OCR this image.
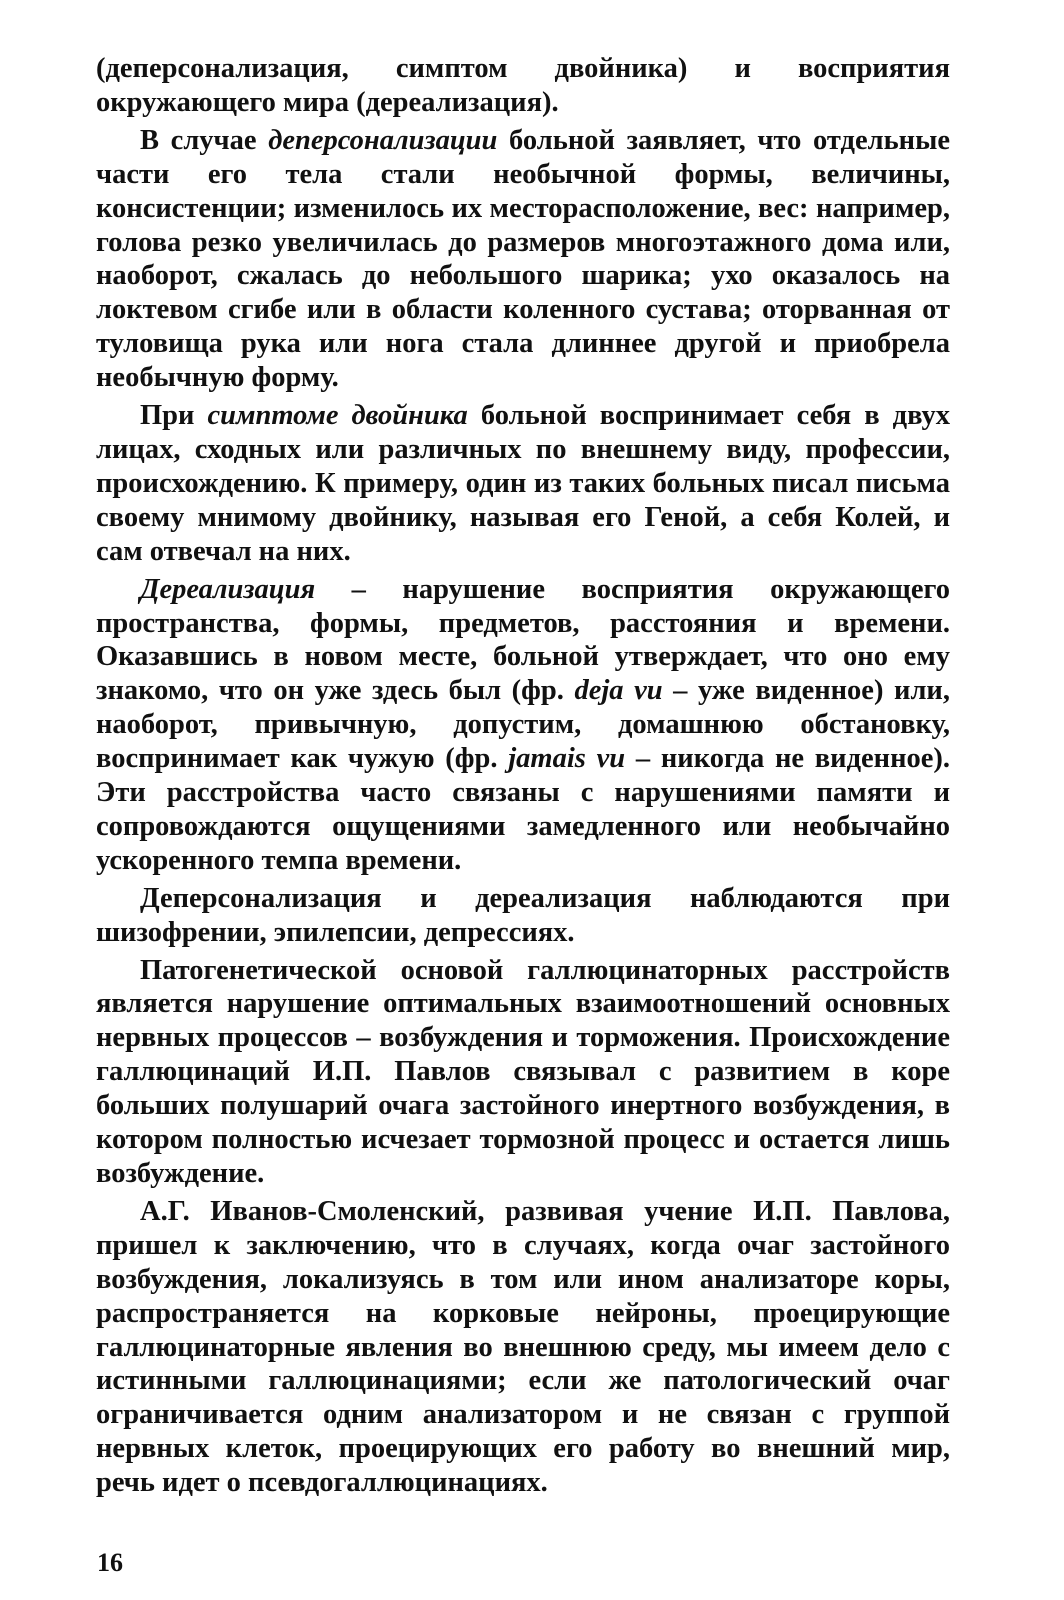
(деперсонализация, симптом двойника) и восприятия окружающего мира (дереализация).

В случае деперсонализации больной заявляет, что отдельные части его тела стали необычной формы, величины, консистенции; изменилось их месторасположение, вес: например, голова резко увеличилась до размеров многоэтажного дома или, наоборот, сжалась до небольшого шарика; ухо оказалось на локтевом сгибе или в области коленного сустава; оторванная от туловища рука или нога стала длиннее другой и приобрела необычную форму.

При симптоме двойника больной воспринимает себя в двух лицах, сходных или различных по внешнему виду, профессии, происхождению. К примеру, один из таких больных писал письма своему мнимому двойнику, называя его Геной, а себя Колей, и сам отвечал на них.

Дереализация – нарушение восприятия окружающего пространства, формы, предметов, расстояния и времени. Оказавшись в новом месте, больной утверждает, что оно ему знакомо, что он уже здесь был (фр. deja vu – уже виденное) или, наоборот, привычную, допустим, домашнюю обстановку, воспринимает как чужую (фр. jamais vu – никогда не виденное). Эти расстройства часто связаны с нарушениями памяти и сопровождаются ощущениями замедленного или необычайно ускоренного темпа времени.

Деперсонализация и дереализация наблюдаются при шизофрении, эпилепсии, депрессиях.

Патогенетической основой галлюцинаторных расстройств является нарушение оптимальных взаимоотношений основных нервных процессов – возбуждения и торможения. Происхождение галлюцинаций И.П. Павлов связывал с развитием в коре больших полушарий очага застойного инертного возбуждения, в котором полностью исчезает тормозной процесс и остается лишь возбуждение.

А.Г. Иванов-Смоленский, развивая учение И.П. Павлова, пришел к заключению, что в случаях, когда очаг застойного возбуждения, локализуясь в том или ином анализаторе коры, распространяется на корковые нейроны, проецирующие галлюцинаторные явления во внешнюю среду, мы имеем дело с истинными галлюцинациями; если же патологический очаг ограничивается одним анализатором и не связан с группой нервных клеток, проецирующих его работу во внешний мир, речь идет о псевдогаллюцинациях.

16
